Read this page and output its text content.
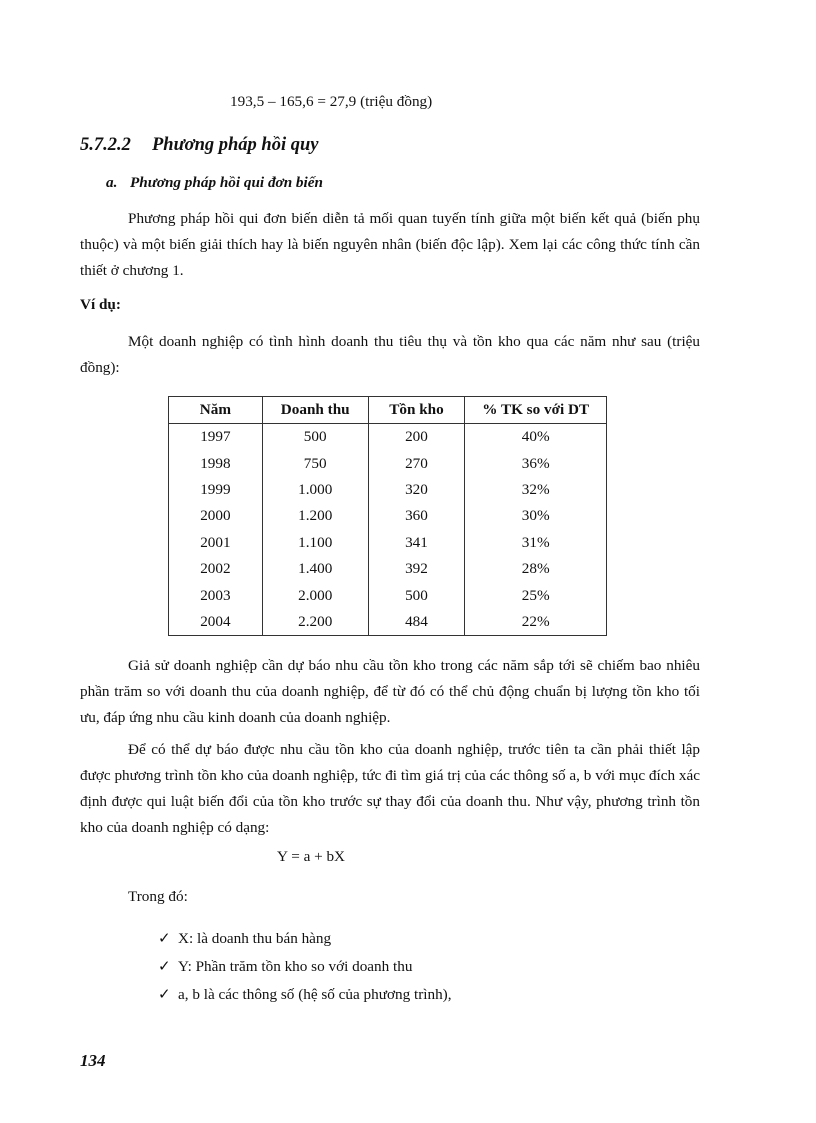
193,5 – 165,6 = 27,9 (triệu đồng)
5.7.2.2 Phương pháp hồi quy
a. Phương pháp hồi qui đơn biến

Phương pháp hồi qui đơn biến diễn tả mối quan tuyến tính giữa một biến kết quả (biến phụ thuộc) và một biến giải thích hay là biến nguyên nhân (biến độc lập). Xem lại các công thức tính cần thiết ở chương 1.

Ví dụ:

Một doanh nghiệp có tình hình doanh thu tiêu thụ và tồn kho qua các năm như sau (triệu đồng):

Năm	Doanh thu	Tồn kho	% TK so với DT
1997	500	200	40%
1998	750	270	36%
1999	1.000	320	32%
2000	1.200	360	30%
2001	1.100	341	31%
2002	1.400	392	28%
2003	2.000	500	25%
2004	2.200	484	22%

Giả sử doanh nghiệp cần dự báo nhu cầu tồn kho trong các năm sắp tới sẽ chiếm bao nhiêu phần trăm so với doanh thu của doanh nghiệp, để từ đó có thể chủ động chuẩn bị lượng tồn kho tối ưu, đáp ứng nhu cầu kinh doanh của doanh nghiệp.

Để có thể dự báo được nhu cầu tồn kho của doanh nghiệp, trước tiên ta cần phải thiết lập được phương trình tồn kho của doanh nghiệp, tức đi tìm giá trị của các thông số a, b với mục đích xác định được qui luật biến đổi của tồn kho trước sự thay đổi của doanh thu. Như vậy, phương trình tồn kho của doanh nghiệp có dạng:

Y = a + bX
Trong đó:
✓ X: là doanh thu bán hàng
✓ Y: Phần trăm tồn kho so với doanh thu
✓ a, b là các thông số (hệ số của phương trình),
134
